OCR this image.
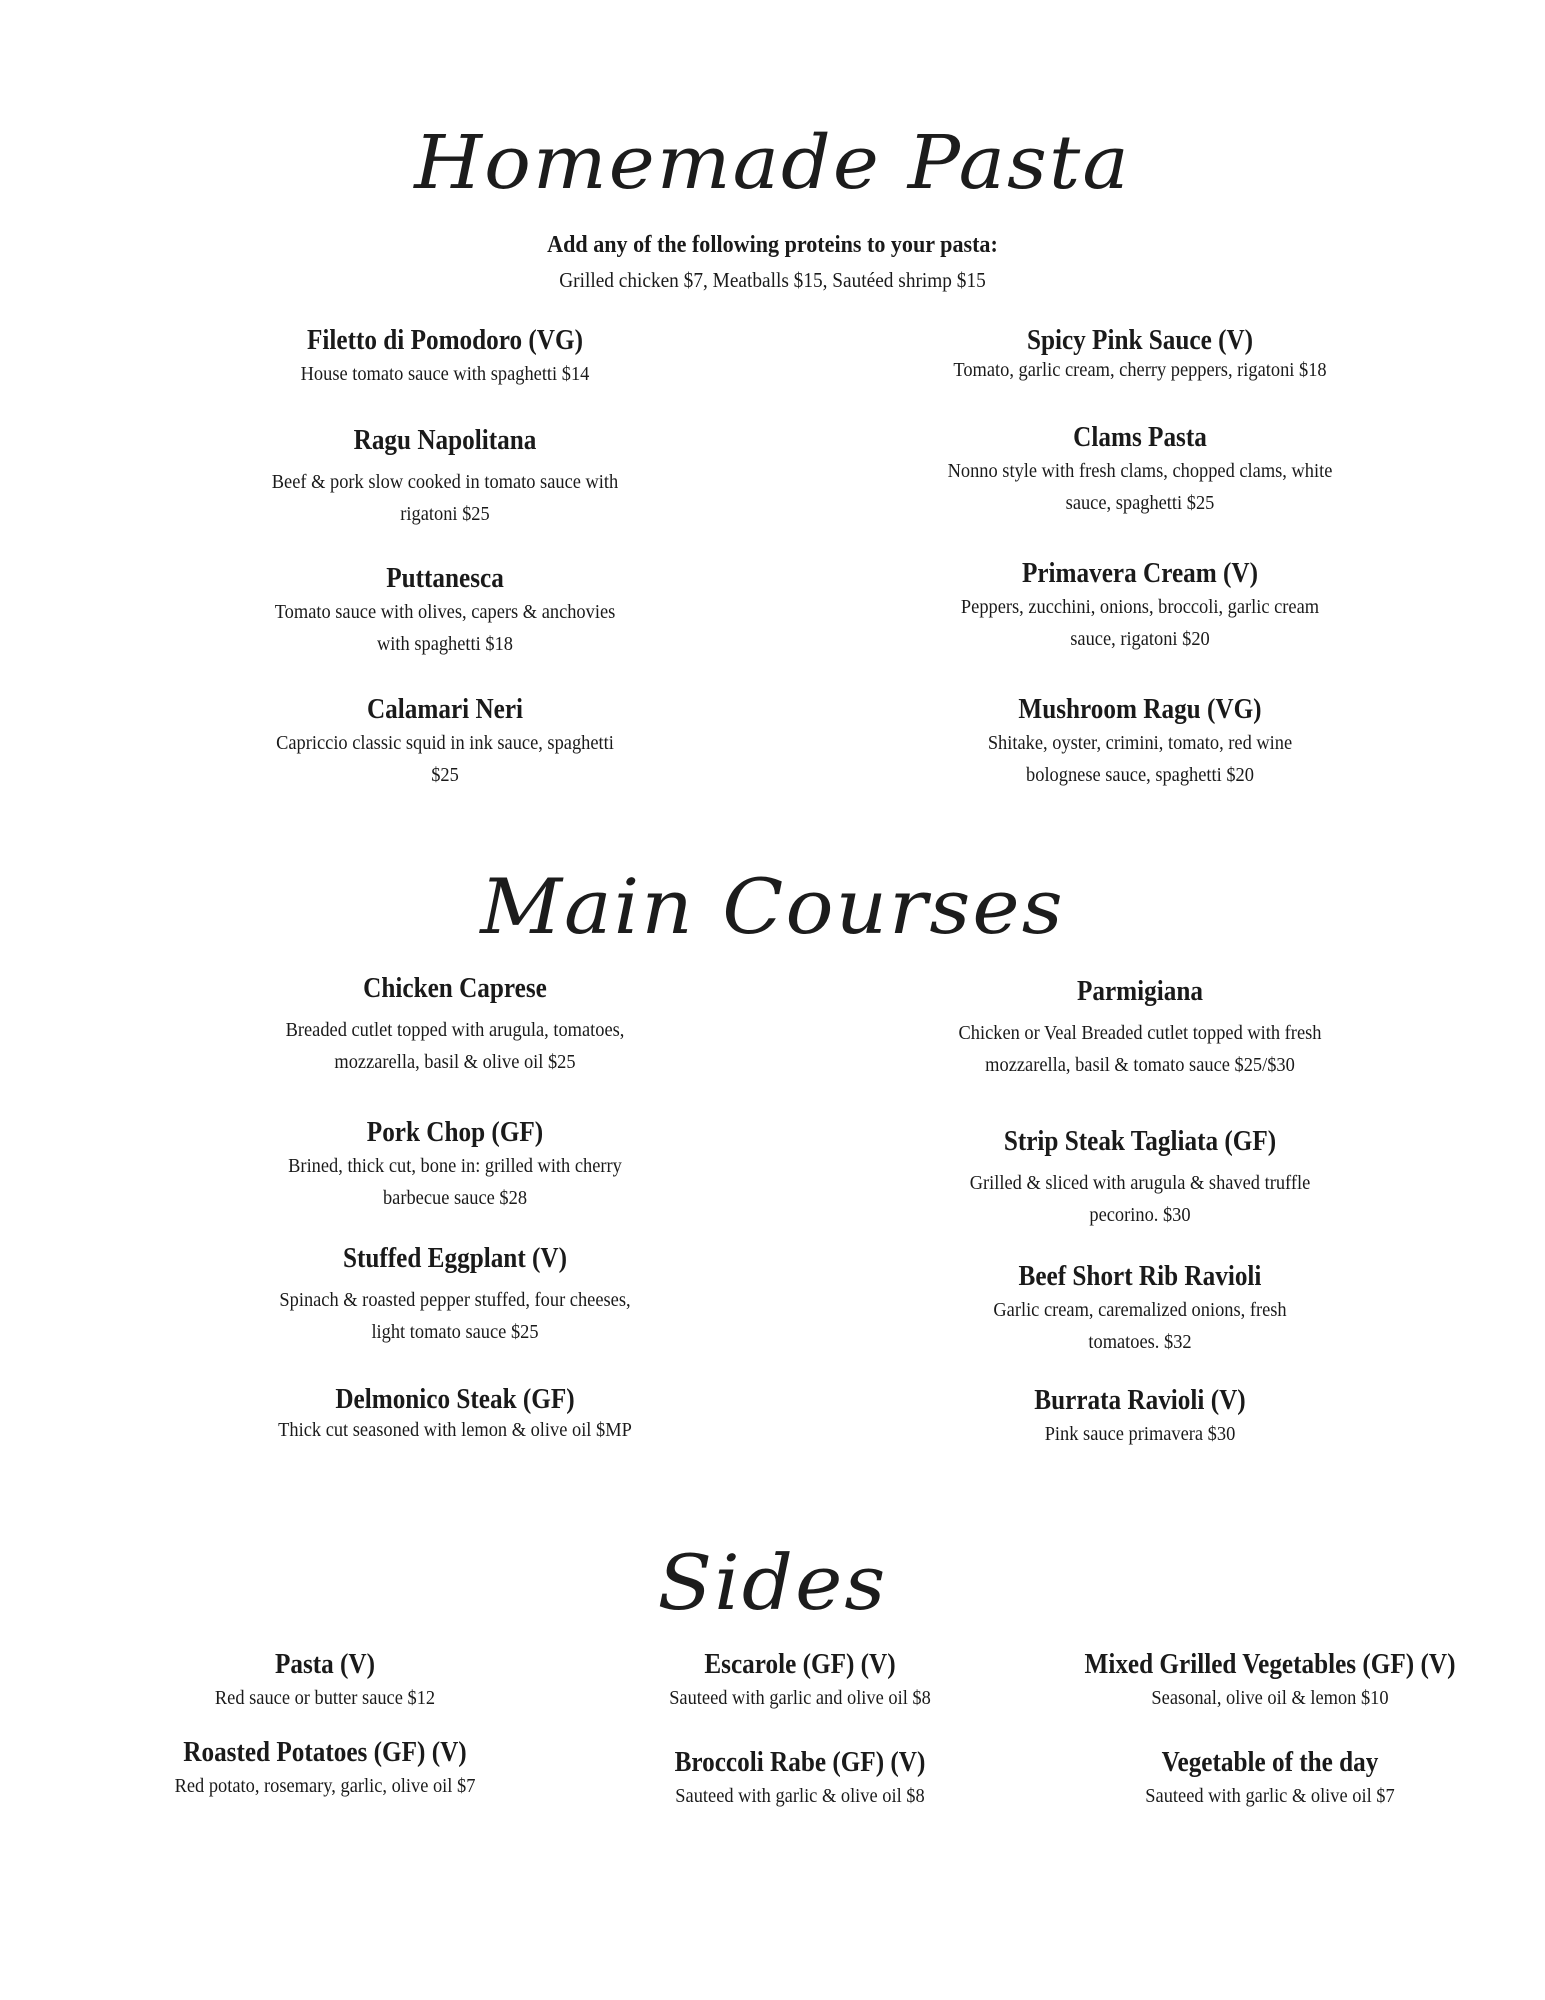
Homemade Pasta
Add any of the following proteins to your pasta:
Grilled chicken $7, Meatballs $15, Sautéed shrimp $15
Filetto di Pomodoro (VG)
House tomato sauce with spaghetti $14
Ragu Napolitana
Beef & pork slow cooked in tomato sauce with rigatoni $25
Puttanesca
Tomato sauce with olives, capers & anchovies with spaghetti $18
Calamari Neri
Capriccio classic squid in ink sauce, spaghetti $25
Spicy Pink Sauce (V)
Tomato, garlic cream, cherry peppers, rigatoni $18
Clams Pasta
Nonno style with fresh clams, chopped clams, white sauce, spaghetti $25
Primavera Cream (V)
Peppers, zucchini, onions, broccoli, garlic cream sauce, rigatoni $20
Mushroom Ragu (VG)
Shitake, oyster, crimini, tomato, red wine bolognese sauce, spaghetti $20
Main Courses
Chicken Caprese
Breaded cutlet topped with arugula, tomatoes, mozzarella, basil & olive oil $25
Pork Chop (GF)
Brined, thick cut, bone in: grilled with cherry barbecue sauce $28
Stuffed Eggplant (V)
Spinach & roasted pepper stuffed, four cheeses, light tomato sauce $25
Delmonico Steak (GF)
Thick cut seasoned with lemon & olive oil $MP
Parmigiana
Chicken or Veal Breaded cutlet topped with fresh mozzarella, basil & tomato sauce $25/$30
Strip Steak Tagliata (GF)
Grilled & sliced with arugula & shaved truffle pecorino. $30
Beef Short Rib Ravioli
Garlic cream, caremalized onions, fresh tomatoes. $32
Burrata Ravioli (V)
Pink sauce primavera $30
Sides
Pasta (V)
Red sauce or butter sauce $12
Escarole (GF) (V)
Sauteed with garlic and olive oil $8
Mixed Grilled Vegetables (GF) (V)
Seasonal, olive oil & lemon $10
Roasted Potatoes (GF) (V)
Red potato, rosemary, garlic, olive oil $7
Broccoli Rabe (GF) (V)
Sauteed with garlic & olive oil $8
Vegetable of the day
Sauteed with garlic & olive oil $7
